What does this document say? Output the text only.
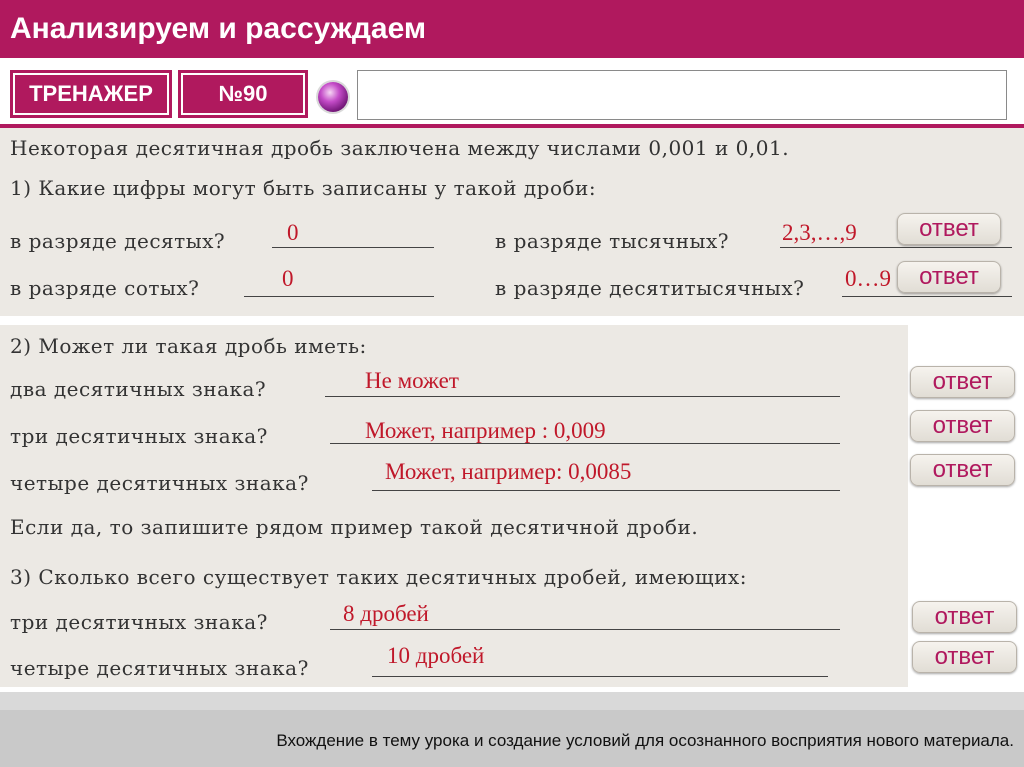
Анализируем и рассуждаем
ТРЕНАЖЕР	№90
Некоторая десятичная дробь заключена между числами 0,001 и 0,01.
1) Какие цифры могут быть записаны у такой дроби:
в разряде десятых?	0	в разряде тысячных? 2,3,…,9	ответ
в разряде сотых?	0	в разряде десятитысячных? 0…9	ответ
2) Может ли такая дробь иметь:
два десятичных знака?	Не может	ответ
три десятичных знака?	Может, например : 0,009	ответ
четыре десятичных знака?	Может, например: 0,0085	ответ
Если да, то запишите рядом пример такой десятичной дроби.
3) Сколько всего существует таких десятичных дробей, имеющих:
три десятичных знака?	8 дробей	ответ
четыре десятичных знака?	10 дробей	ответ
Вхождение в тему урока и создание условий для осознанного восприятия нового материала.
